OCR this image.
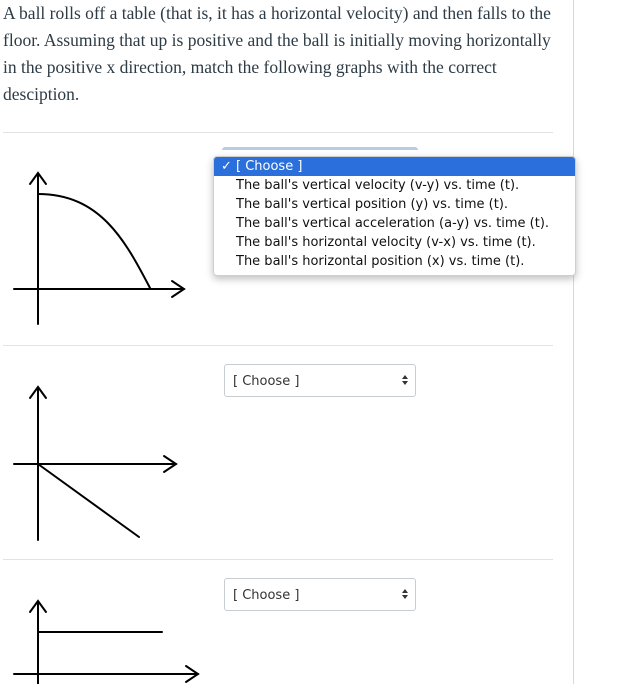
A ball rolls off a table (that is, it has a horizontal velocity) and then falls to the floor. Assuming that up is positive and the ball is initially moving horizontally in the positive x direction, match the following graphs with the correct desciption.

✓ [ Choose ]
The ball's vertical velocity (v-y) vs. time (t).
The ball's vertical position (y) vs. time (t).
The ball's vertical acceleration (a-y) vs. time (t).
The ball's horizontal velocity (v-x) vs. time (t).
The ball's horizontal position (x) vs. time (t).
[ Choose ]
[ Choose ]
